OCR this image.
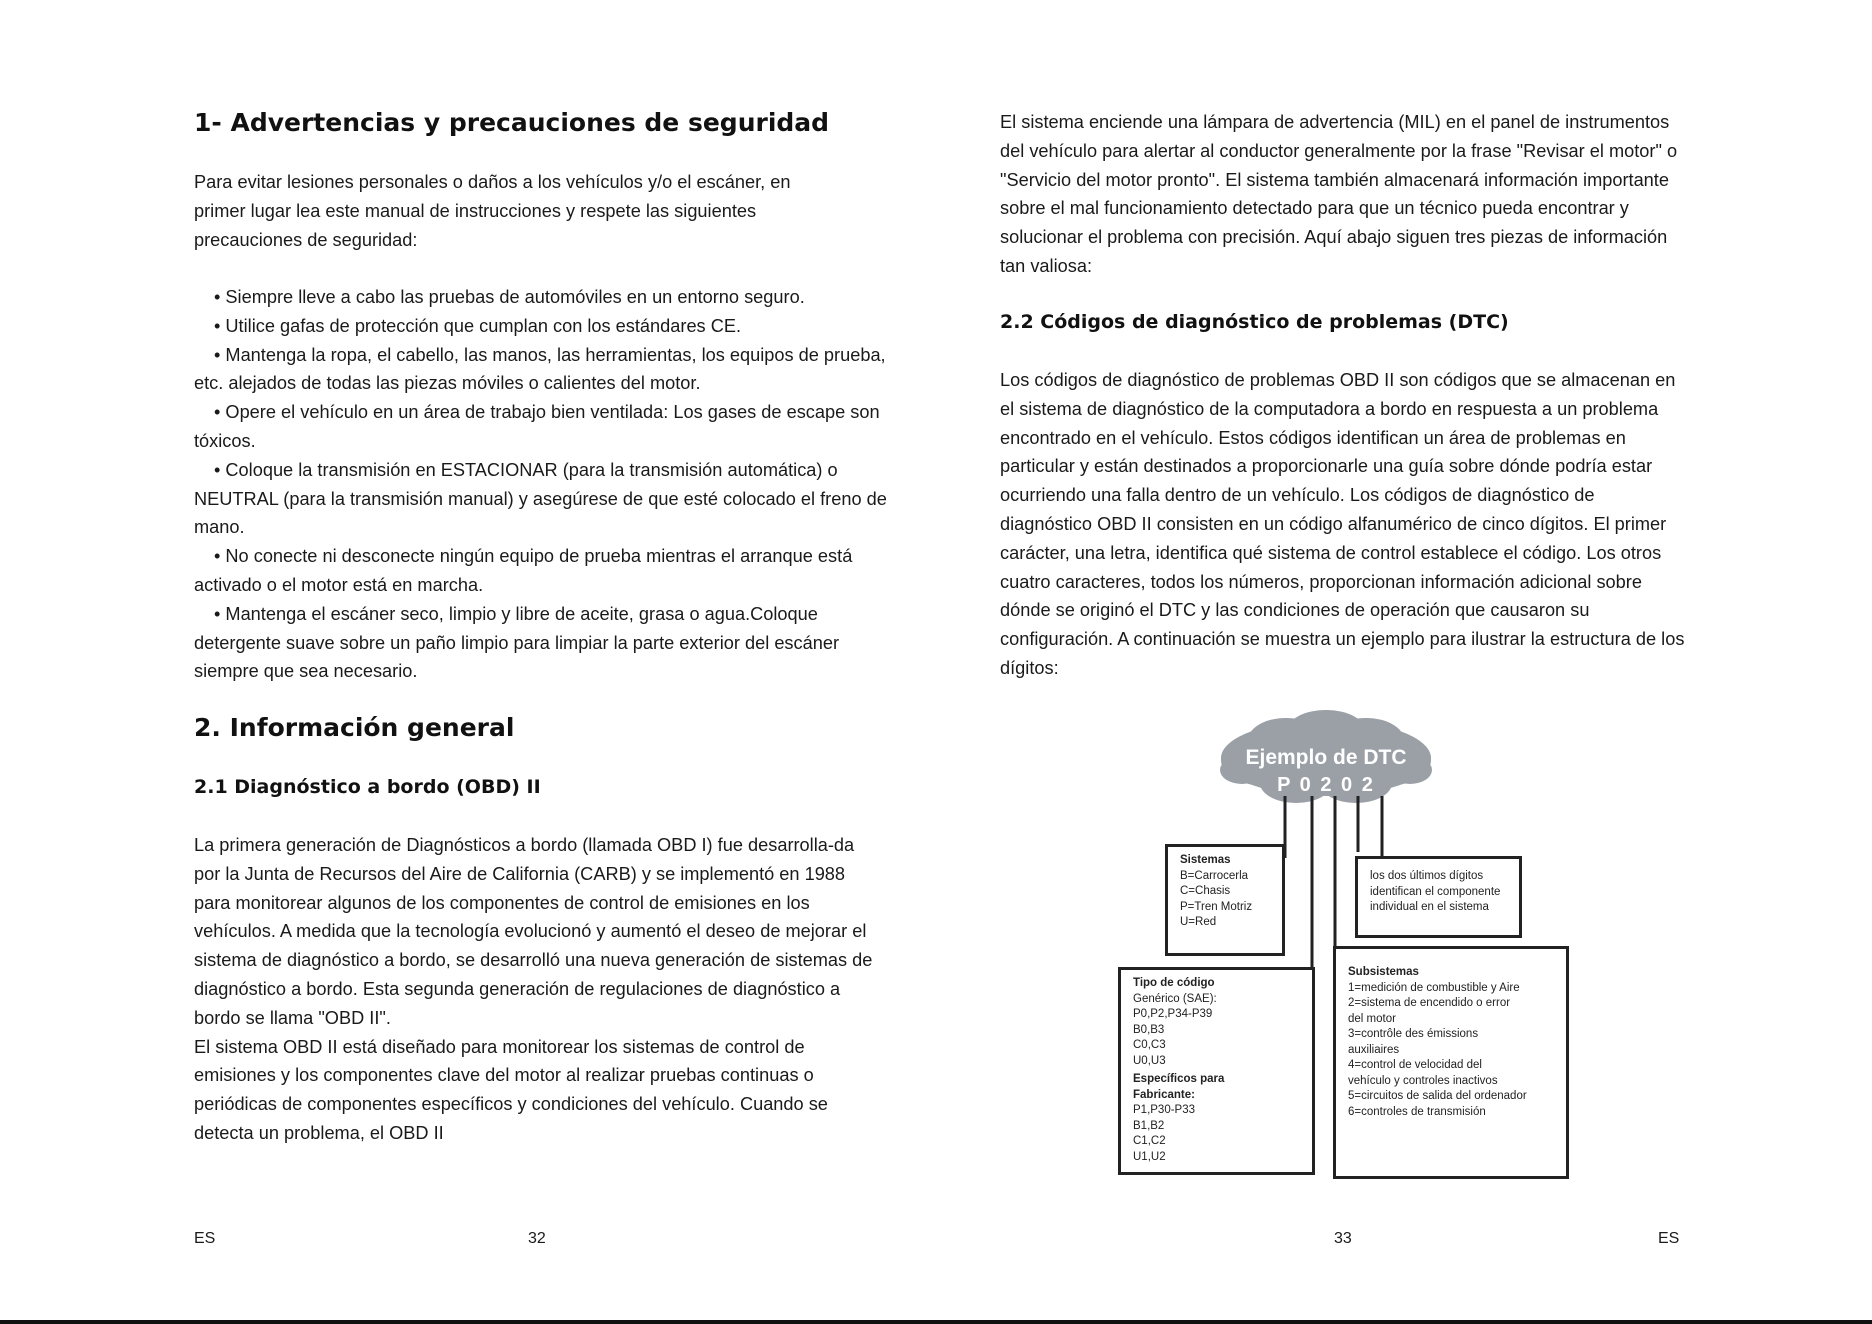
1- Advertencias y precauciones de seguridad

Para evitar lesiones personales o daños a los vehículos y/o el escáner, en primer lugar lea este manual de instrucciones y respete las siguientes precauciones de seguridad:

• Siempre lleve a cabo las pruebas de automóviles en un entorno seguro.

• Utilice gafas de protección que cumplan con los estándares CE.

• Mantenga la ropa, el cabello, las manos, las herramientas, los equipos de prueba, etc. alejados de todas las piezas móviles o calientes del motor.

• Opere el vehículo en un área de trabajo bien ventilada: Los gases de escape son tóxicos.

• Coloque la transmisión en ESTACIONAR (para la transmisión automática) o NEUTRAL (para la transmisión manual) y asegúrese de que esté colocado el freno de mano.

• No conecte ni desconecte ningún equipo de prueba mientras el arranque está activado o el motor está en marcha.

• Mantenga el escáner seco, limpio y libre de aceite, grasa o agua.Coloque detergente suave sobre un paño limpio para limpiar la parte exterior del escáner siempre que sea necesario.

2. Información general
2.1 Diagnóstico a bordo (OBD) II

La primera generación de Diagnósticos a bordo (llamada OBD I) fue desarrolla-da por la Junta de Recursos del Aire de California (CARB) y se implementó en 1988 para monitorear algunos de los componentes de control de emisiones en los vehículos. A medida que la tecnología evolucionó y aumentó el deseo de mejorar el sistema de diagnóstico a bordo, se desarrolló una nueva generación de sistemas de diagnóstico a bordo. Esta segunda generación de regulaciones de diagnóstico a bordo se llama "OBD II".

El sistema OBD II está diseñado para monitorear los sistemas de control de emisiones y los componentes clave del motor al realizar pruebas continuas o periódicas de componentes específicos y condiciones del vehículo. Cuando se detecta un problema, el OBD II

ES	32

El sistema enciende una lámpara de advertencia (MIL) en el panel de instrumentos del vehículo para alertar al conductor generalmente por la frase "Revisar el motor" o "Servicio del motor pronto". El sistema también almacenará información importante sobre el mal funcionamiento detectado para que un técnico pueda encontrar y solucionar el problema con precisión. Aquí abajo siguen tres piezas de información tan valiosa:

2.2 Códigos de diagnóstico de problemas (DTC)

Los códigos de diagnóstico de problemas OBD II son códigos que se almacenan en el sistema de diagnóstico de la computadora a bordo en respuesta a un problema encontrado en el vehículo. Estos códigos identifican un área de problemas en particular y están destinados a proporcionarle una guía sobre dónde podría estar ocurriendo una falla dentro de un vehículo. Los códigos de diagnóstico de diagnóstico OBD II consisten en un código alfanumérico de cinco dígitos. El primer carácter, una letra, identifica qué sistema de control establece el código. Los otros cuatro caracteres, todos los números, proporcionan información adicional sobre dónde se originó el DTC y las condiciones de operación que causaron su configuración. A continuación se muestra un ejemplo para ilustrar la estructura de los dígitos:

Ejemplo de DTC
P 0 2 0 2
Sistemas
B=Carrocerla
C=Chasis
P=Tren Motriz
U=Red
los dos últimos dígitos
identifican el componente
individual en el sistema
Tipo de código
Genérico (SAE):
P0,P2,P34-P39
B0,B3
C0,C3
U0,U3
Específicos para
Fabricante:
P1,P30-P33
B1,B2
C1,C2
U1,U2
Subsistemas
1=medición de combustible y Aire
2=sistema de encendido o error
del motor
3=contrôle des émissions
auxiliaires
4=control de velocidad del
vehículo y controles inactivos
5=circuitos de salida del ordenador
6=controles de transmisión
33	ES
